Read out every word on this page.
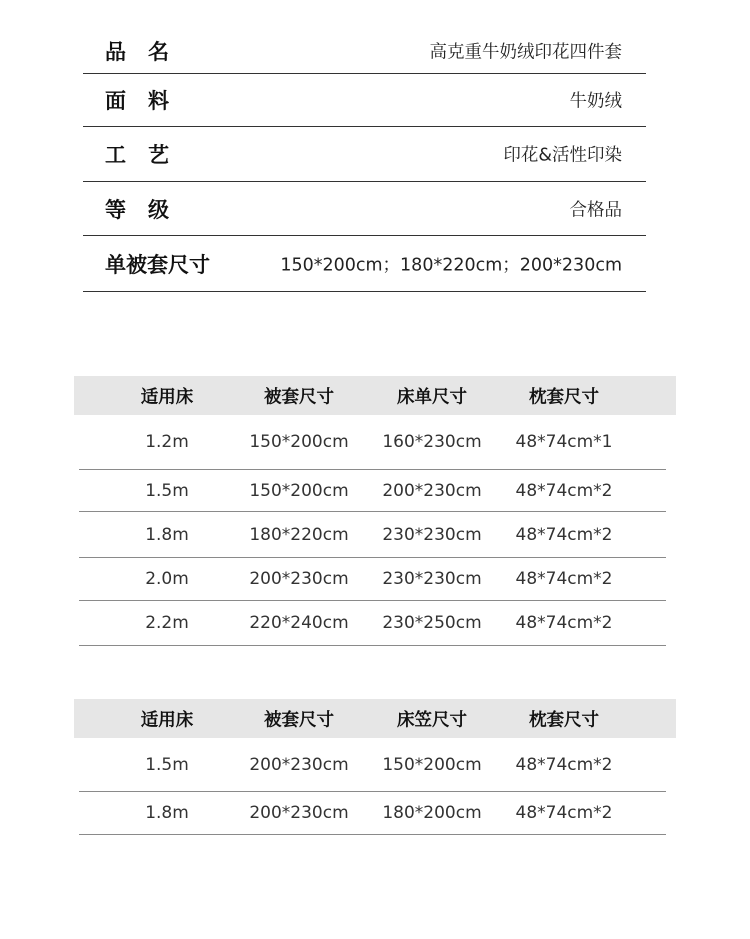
品名	高克重牛奶绒印花四件套
面料	牛奶绒
工艺	印花&活性印染
等级	合格品
单被套尺寸	150*200cm；180*220cm；200*230cm
适用床	被套尺寸	床单尺寸	枕套尺寸
1.2m	150*200cm 160*230cm 48*74cm*1
1.5m	150*200cm 200*230cm 48*74cm*2
1.8m	180*220cm 230*230cm 48*74cm*2
2.0m	200*230cm 230*230cm 48*74cm*2
2.2m	220*240cm 230*250cm 48*74cm*2
适用床	被套尺寸	床笠尺寸	枕套尺寸
1.5m	200*230cm 150*200cm 48*74cm*2
1.8m	200*230cm 180*200cm 48*74cm*2
